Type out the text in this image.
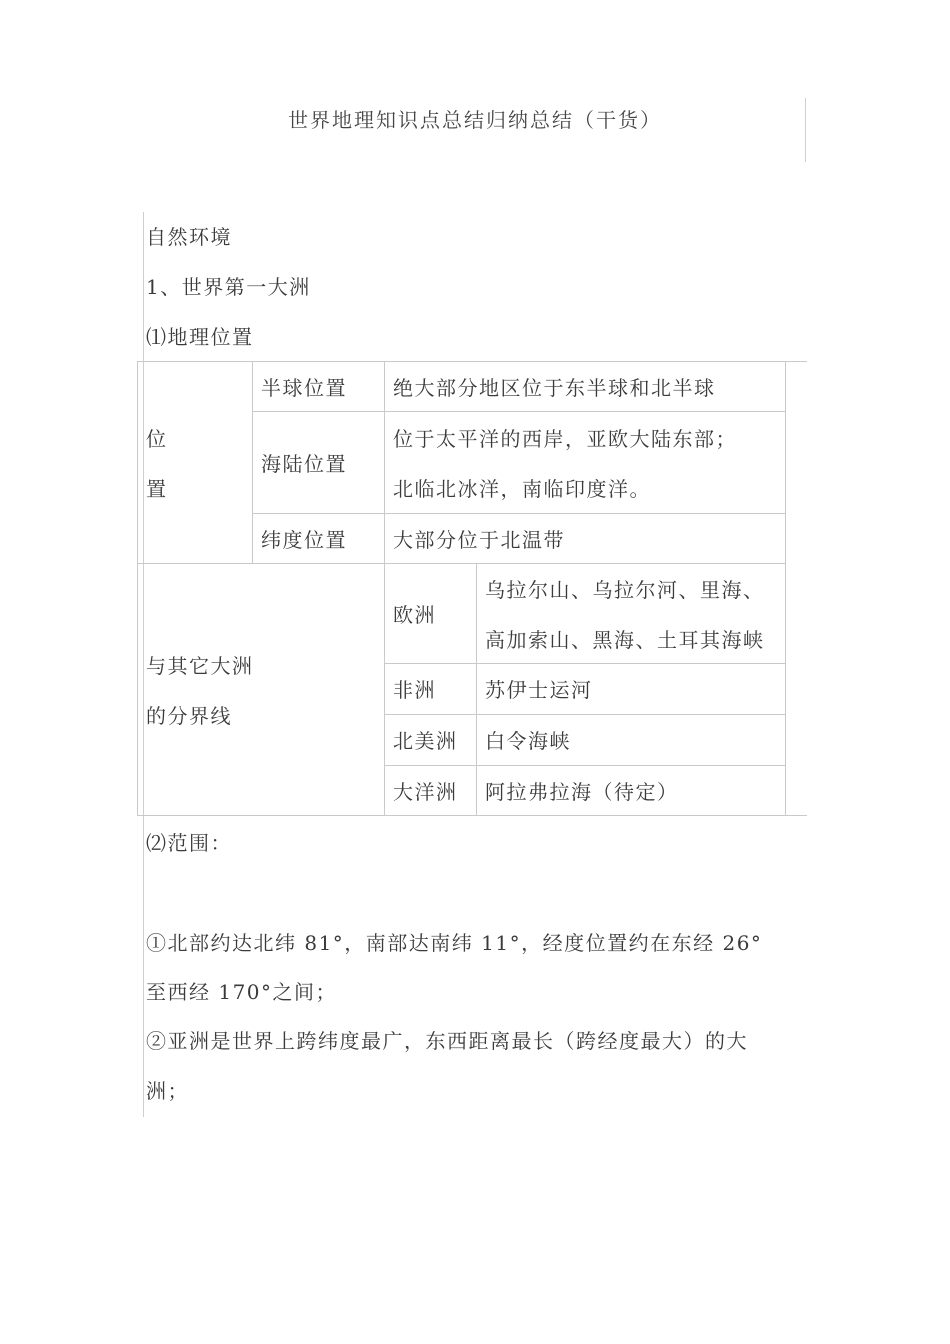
世界地理知识点总结归纳总结（干货）
自然环境
1、世界第一大洲
⑴地理位置
位
置
半球位置 绝大部分地区位于东半球和北半球
海陆位置
位于太平洋的西岸，亚欧大陆东部；
北临北冰洋，南临印度洋。
纬度位置 大部分位于北温带
与其它大洲
的分界线
欧洲
乌拉尔山、乌拉尔河、里海、
高加索山、黑海、土耳其海峡
非洲 苏伊士运河
北美洲 白令海峡
大洋洲 阿拉弗拉海（待定）
⑵范围：
①北部约达北纬 81°，南部达南纬 11°，经度位置约在东经 26°
至西经 170°之间；
②亚洲是世界上跨纬度最广，东西距离最长（跨经度最大）的大
洲；
